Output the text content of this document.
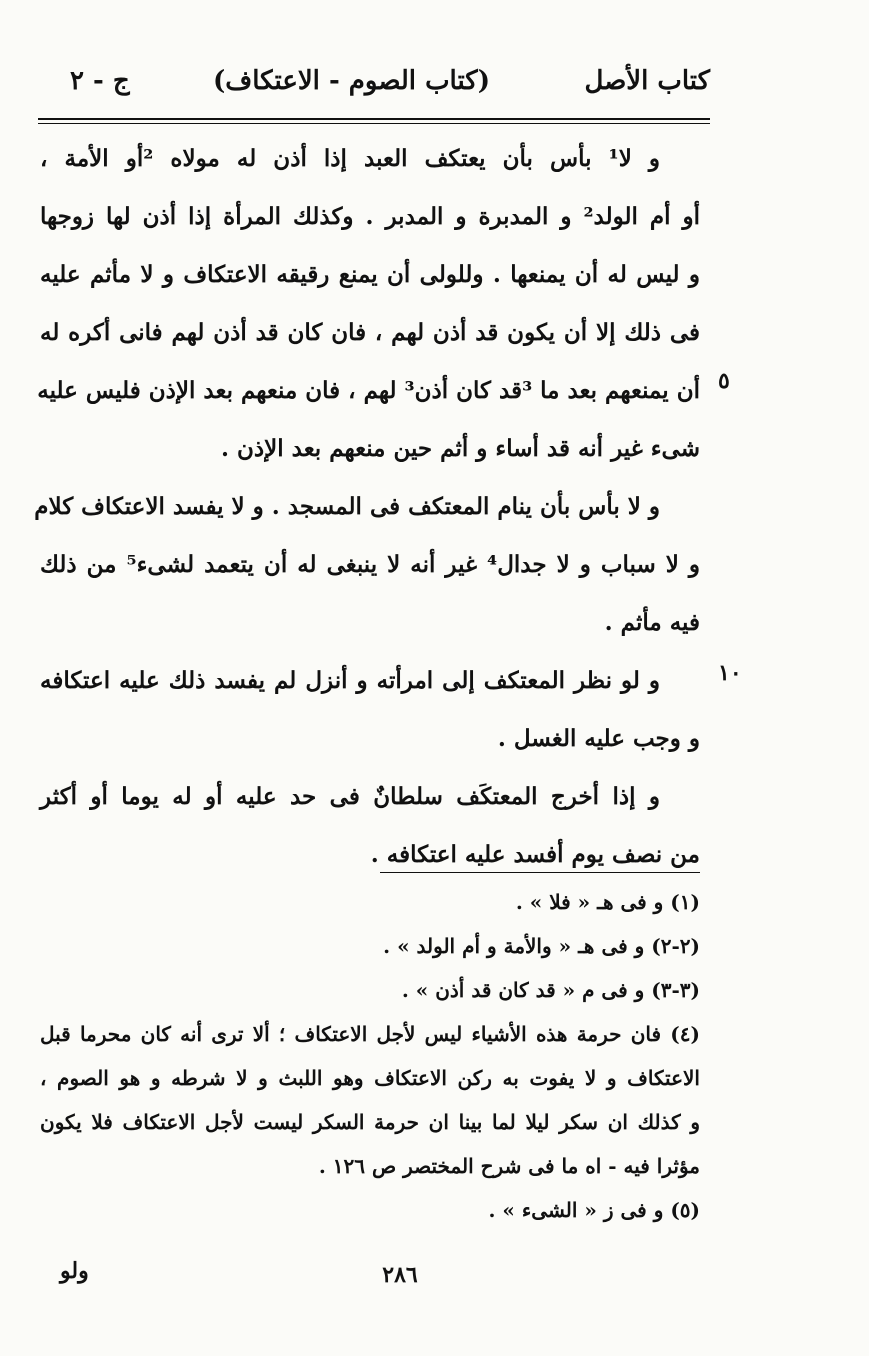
كتاب الأصل
(كتاب الصوم - الاعتكاف)
ج - ٢
٥
١٠
و لا¹ بأس بأن يعتكف العبد إذا أذن له مولاه ²أو الأمة ،
أو أم الولد² و المدبرة و المدبر . وكذلك المرأة إذا أذن لها زوجها
و ليس له أن يمنعها . وللولى أن يمنع رقيقه الاعتكاف و لا مأثم عليه
فى ذلك إلا أن يكون قد أذن لهم ، فان كان قد أذن لهم فانى أكره له
أن يمنعهم بعد ما ³قد كان أذن³ لهم ، فان منعهم بعد الإذن فليس عليه
شىء غير أنه قد أساء و أثم حين منعهم بعد الإذن .
و لا بأس بأن ينام المعتكف فى المسجد . و لا يفسد الاعتكاف كلام
و لا سباب و لا جدال⁴ غير أنه لا ينبغى له أن يتعمد لشىء⁵ من ذلك
فيه مأثم .
و لو نظر المعتكف إلى امرأته و أنزل لم يفسد ذلك عليه اعتكافه
و وجب عليه الغسل .
و إذا أخرج المعتكَف سلطانٌ فى حد عليه أو له يوما أو أكثر
من نصف يوم أفسد عليه اعتكافه .
(١) و فى هـ « فلا » .
(٢-٢) و فى هـ « والأمة و أم الولد » .
(٣-٣) و فى م « قد كان قد أذن » .
(٤) فان حرمة هذه الأشياء ليس لأجل الاعتكاف ؛ ألا ترى أنه كان محرما قبل
الاعتكاف و لا يفوت به ركن الاعتكاف وهو اللبث و لا شرطه و هو الصوم ،
و كذلك ان سكر ليلا لما بينا ان حرمة السكر ليست لأجل الاعتكاف فلا يكون
مؤثرا فيه - اه ما فى شرح المختصر ص ١٢٦ .
(٥) و فى ز « الشىء » .
ولو	٢٨٦
